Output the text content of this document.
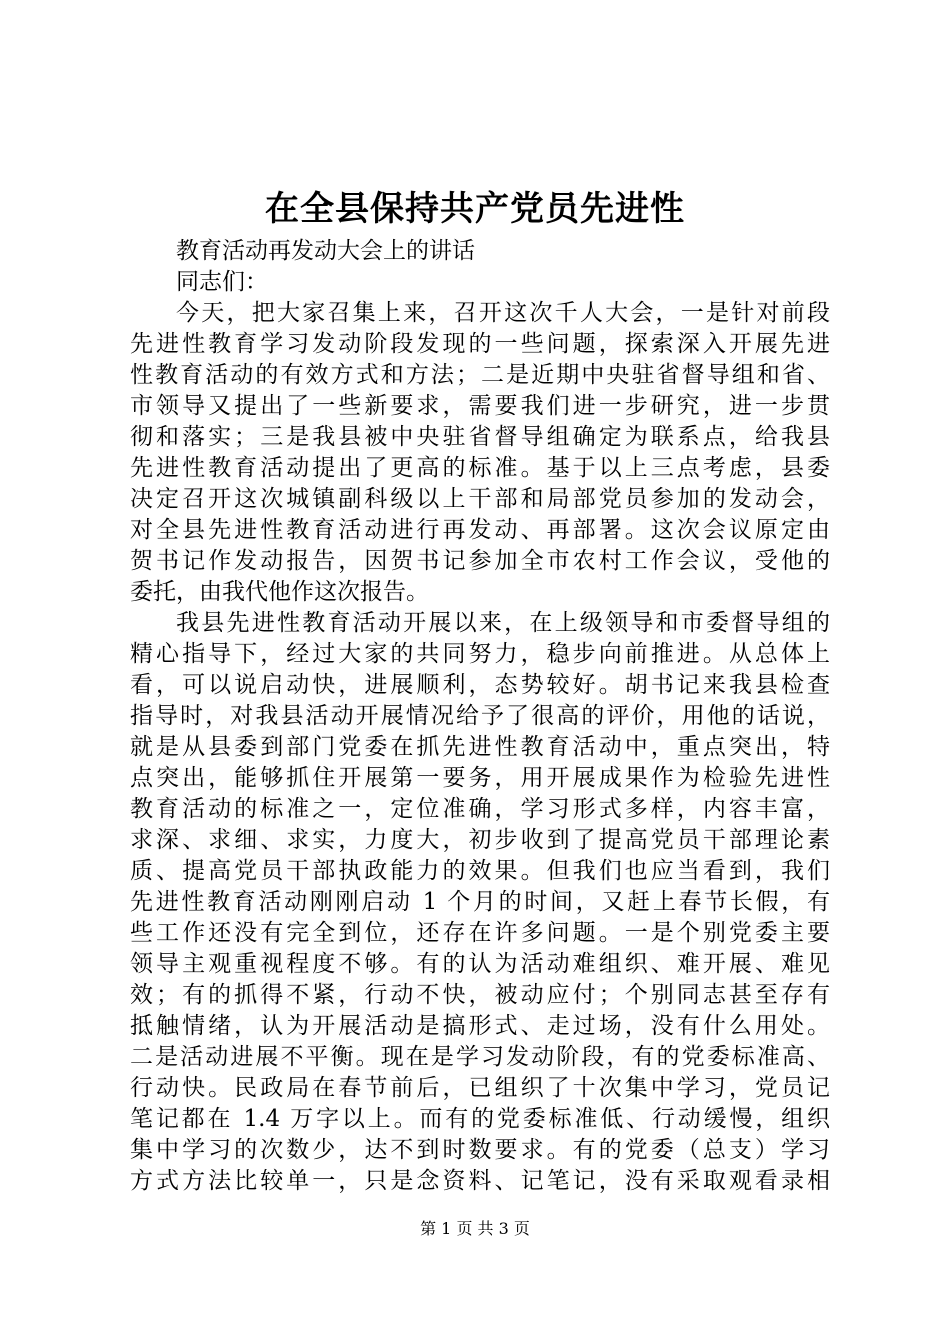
在全县保持共产党员先进性
教育活动再发动大会上的讲话
同志们：
今天，把大家召集上来，召开这次千人大会，一是针对前段
先进性教育学习发动阶段发现的一些问题，探索深入开展先进
性教育活动的有效方式和方法；二是近期中央驻省督导组和省、
市领导又提出了一些新要求，需要我们进一步研究，进一步贯
彻和落实；三是我县被中央驻省督导组确定为联系点，给我县
先进性教育活动提出了更高的标准。基于以上三点考虑，县委
决定召开这次城镇副科级以上干部和局部党员参加的发动会，
对全县先进性教育活动进行再发动、再部署。这次会议原定由
贺书记作发动报告，因贺书记参加全市农村工作会议，受他的
委托，由我代他作这次报告。
我县先进性教育活动开展以来，在上级领导和市委督导组的
精心指导下，经过大家的共同努力，稳步向前推进。从总体上
看，可以说启动快，进展顺利，态势较好。胡书记来我县检查
指导时，对我县活动开展情况给予了很高的评价，用他的话说，
就是从县委到部门党委在抓先进性教育活动中，重点突出，特
点突出，能够抓住开展第一要务，用开展成果作为检验先进性
教育活动的标准之一，定位准确，学习形式多样，内容丰富，
求深、求细、求实，力度大，初步收到了提高党员干部理论素
质、提高党员干部执政能力的效果。但我们也应当看到，我们
先进性教育活动刚刚启动 1 个月的时间，又赶上春节长假，有
些工作还没有完全到位，还存在许多问题。一是个别党委主要
领导主观重视程度不够。有的认为活动难组织、难开展、难见
效；有的抓得不紧，行动不快，被动应付；个别同志甚至存有
抵触情绪，认为开展活动是搞形式、走过场，没有什么用处。
二是活动进展不平衡。现在是学习发动阶段，有的党委标准高、
行动快。民政局在春节前后，已组织了十次集中学习，党员记
笔记都在 1.4 万字以上。而有的党委标准低、行动缓慢，组织
集中学习的次数少，达不到时数要求。有的党委（总支）学习
方式方法比较单一，只是念资料、记笔记，没有采取观看录相
第 1 页 共 3 页
